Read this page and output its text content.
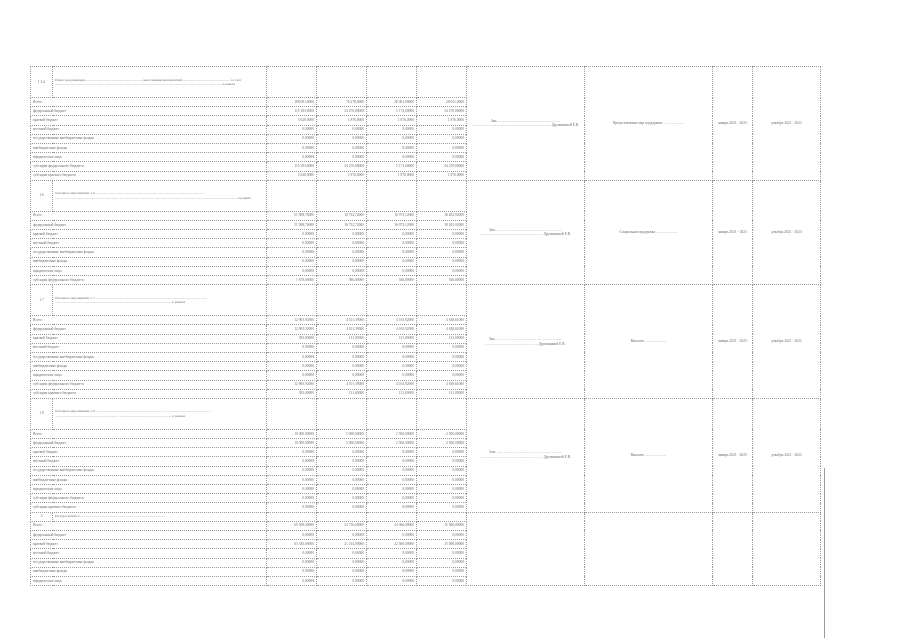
1.5.4	Пункт координации ................................................................. выполнения мероприятий ...................................................... за счет ........................................................ ........................................................................ ............................................................ в рамках					Зам. ..................................................................... ................................................................................. ...... Дружининой Е.В.	Предоставление мер поддержки ........................	январь 2021 - 2023	декабрь 2021 - 2023
Всего		188 691,8000	76 278,0000	28 001,00000	28 021,0000				
федеральный бюджет		115 183,8000	34 270,80000	5 172,00000	34 270,80000				
краевой бюджет		5 628,0000	1 876,0000	1 876,0000	1 876,0000				
местный бюджет		0,00000	0,00000	0,00000	0,00000				
государственные внебюджетные фонды		0,00000	0,00000	0,00000	0,00000				
внебюджетные фонды		0,00000	0,00000	0,00000	0,00000				
юридические лица		0,00000	0,00000	0,00000	0,00000				
субсидии федерального бюджета		115 183,8000	34 270,80000	5 172,00000	34 270,80000				
субсидии краевого бюджета		5 628,0000	1 876,0000	1 876,0000	1 876,0000				
1.6	Основное мероприятие 1.6 ...................................................................... ..................................................... ........................................................................ .......................................................................... ............................................................ в рамках					Зам. ......................................................................... ................................................................ ..... Дружининой Е.В.	Социальная поддержка ........................	январь 2021 - 2023	декабрь 2021 - 2023
Всего		51 908,76000	16 732,72000	16 973,12000	18 202,92000				
федеральный бюджет		51 908,76000	16 732,72000	16 973,12000	18 202,92000				
краевой бюджет		0,00000	0,00000	0,00000	0,00000				
местный бюджет		0,00000	0,00000	0,00000	0,00000				
государственные внебюджетные фонды		0,00000	0,00000	0,00000	0,00000				
внебюджетные фонды		0,00000	0,00000	0,00000	0,00000				
юридические лица		0,00000	0,00000	0,00000	0,00000				
субсидии федерального бюджета		1 678,00000	586,00000	546,00000	546,00000				
1.7	Основное мероприятие 1.7 ..................................................................... ......................................................... .............................................................................. ...................................................... в рамках					Зам. ......................................................................... .................................................... ..... Дружининой Е.В.	Выплата ........................	январь 2021 - 2023	декабрь 2021 - 2023
Всего		12 905,92000	4 101,39000	4 165,92000	4 638,61000				
федеральный бюджет		12 905,92000	4 101,39000	4 165,92000	4 638,61000				
краевой бюджет		393,00000	131,00000	131,00000	131,00000				
местный бюджет		0,00000	0,00000	0,00000	0,00000				
государственные внебюджетные фонды		0,00000	0,00000	0,00000	0,00000				
внебюджетные фонды		0,00000	0,00000	0,00000	0,00000				
юридические лица		0,00000	0,00000	0,00000	0,00000				
субсидии федерального бюджета		12 905,92000	4 101,39000	4 165,92000	4 638,61000				
субсидии краевого бюджета		393,00000	131,00000	131,00000	131,00000				
1.8	Основное мероприятие 1.8 ......................................................................... ......................................................... ........................................................................ ............................................................ в рамках					Зам. ........................................................................ ................................................................ ..... Дружининой Е.В.	Выплата ........................	январь 2021 - 2023	декабрь 2021 - 2023
Всего		10 000,00000	5 000,00000	2 500,00000	2 500,00000				
федеральный бюджет		10 000,00000	5 000,00000	2 500,00000	2 500,00000				
краевой бюджет		0,00000	0,00000	0,00000	0,00000				
местный бюджет		0,00000	0,00000	0,00000	0,00000				
государственные внебюджетные фонды		0,00000	0,00000	0,00000	0,00000				
внебюджетные фонды		0,00000	0,00000	0,00000	0,00000				
юридические лица		0,00000	0,00000	0,00000	0,00000				
субсидии федерального бюджета		0,00000	0,00000	0,00000	0,00000				
субсидии краевого бюджета		0,00000	0,00000	0,00000	0,00000				
2	Подпрограмма 2 .................................................................................................								
Всего		69 508,00000	23 736,00000	24 366,00000	15 900,00000				
федеральный бюджет		0,00000	0,00000	0,00000	0,00000				
краевой бюджет		63 330,00000	21 214,00000	22 500,00000	15 000,00000				
местный бюджет		0,00000	0,00000	0,00000	0,00000				
государственные внебюджетные фонды		0,00000	0,00000	0,00000	0,00000				
внебюджетные фонды		0,00000	0,00000	0,00000	0,00000				
юридические лица		0,00000	0,00000	0,00000	0,00000				
